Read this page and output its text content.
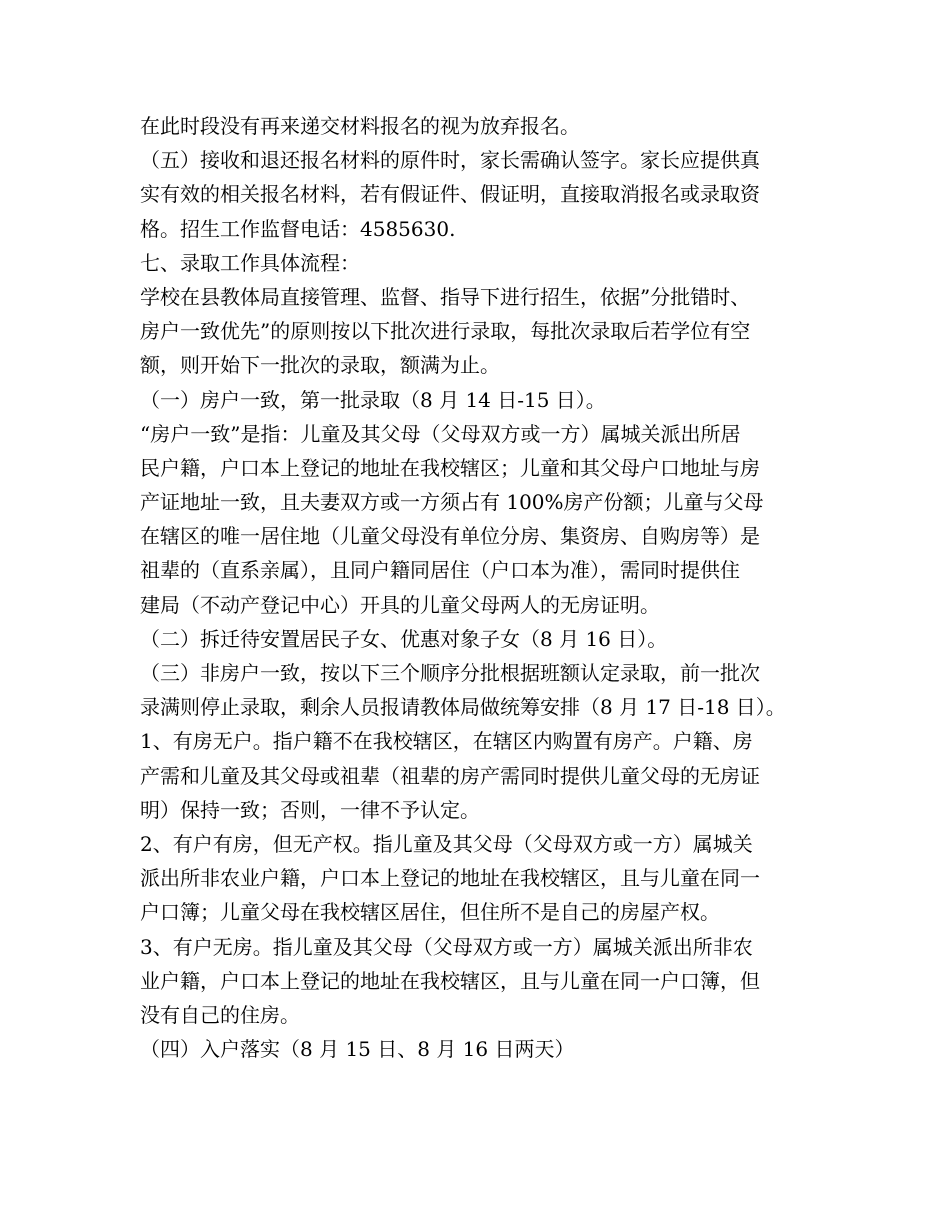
在此时段没有再来递交材料报名的视为放弃报名。
（五）接收和退还报名材料的原件时，家长需确认签字。家长应提供真
实有效的相关报名材料，若有假证件、假证明，直接取消报名或录取资
格。招生工作监督电话：4585630.
七、录取工作具体流程：
学校在县教体局直接管理、监督、指导下进行招生，依据”分批错时、
房户一致优先”的原则按以下批次进行录取，每批次录取后若学位有空
额，则开始下一批次的录取，额满为止。
（一）房户一致，第一批录取（8 月 14 日-15 日）。
“房户一致”是指：儿童及其父母（父母双方或一方）属城关派出所居
民户籍，户口本上登记的地址在我校辖区；儿童和其父母户口地址与房
产证地址一致，且夫妻双方或一方须占有 100%房产份额；儿童与父母
在辖区的唯一居住地（儿童父母没有单位分房、集资房、自购房等）是
祖辈的（直系亲属），且同户籍同居住（户口本为准），需同时提供住
建局（不动产登记中心）开具的儿童父母两人的无房证明。
（二）拆迁待安置居民子女、优惠对象子女（8 月 16 日）。
（三）非房户一致，按以下三个顺序分批根据班额认定录取，前一批次
录满则停止录取，剩余人员报请教体局做统筹安排（8 月 17 日-18 日）。
1、有房无户。指户籍不在我校辖区，在辖区内购置有房产。户籍、房
产需和儿童及其父母或祖辈（祖辈的房产需同时提供儿童父母的无房证
明）保持一致；否则，一律不予认定。
2、有户有房，但无产权。指儿童及其父母（父母双方或一方）属城关
派出所非农业户籍，户口本上登记的地址在我校辖区，且与儿童在同一
户口簿；儿童父母在我校辖区居住，但住所不是自己的房屋产权。
3、有户无房。指儿童及其父母（父母双方或一方）属城关派出所非农
业户籍，户口本上登记的地址在我校辖区，且与儿童在同一户口簿，但
没有自己的住房。
（四）入户落实（8 月 15 日、8 月 16 日两天）
